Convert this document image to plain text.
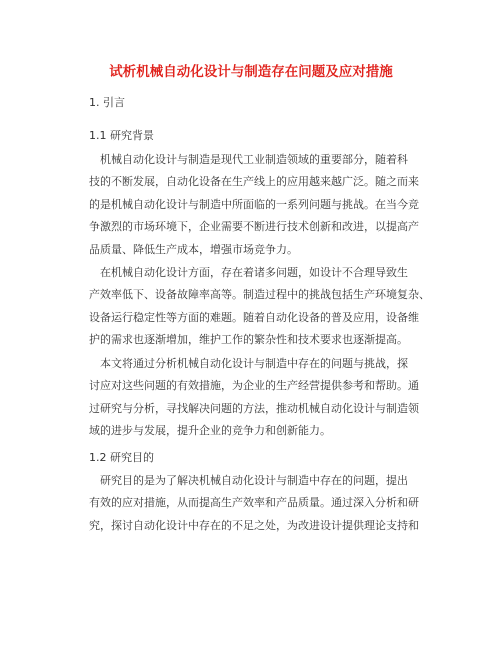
试析机械自动化设计与制造存在问题及应对措施
1. 引言
1.1 研究背景
机械自动化设计与制造是现代工业制造领域的重要部分，随着科
技的不断发展，自动化设备在生产线上的应用越来越广泛。随之而来
的是机械自动化设计与制造中所面临的一系列问题与挑战。在当今竞
争激烈的市场环境下，企业需要不断进行技术创新和改进，以提高产
品质量、降低生产成本，增强市场竞争力。
在机械自动化设计方面，存在着诸多问题，如设计不合理导致生
产效率低下、设备故障率高等。制造过程中的挑战包括生产环境复杂、
设备运行稳定性等方面的难题。随着自动化设备的普及应用，设备维
护的需求也逐渐增加，维护工作的繁杂性和技术要求也逐渐提高。
本文将通过分析机械自动化设计与制造中存在的问题与挑战，探
讨应对这些问题的有效措施，为企业的生产经营提供参考和帮助。通
过研究与分析，寻找解决问题的方法，推动机械自动化设计与制造领
域的进步与发展，提升企业的竞争力和创新能力。
1.2 研究目的
研究目的是为了解决机械自动化设计与制造中存在的问题，提出
有效的应对措施，从而提高生产效率和产品质量。通过深入分析和研
究，探讨自动化设计中存在的不足之处，为改进设计提供理论支持和
